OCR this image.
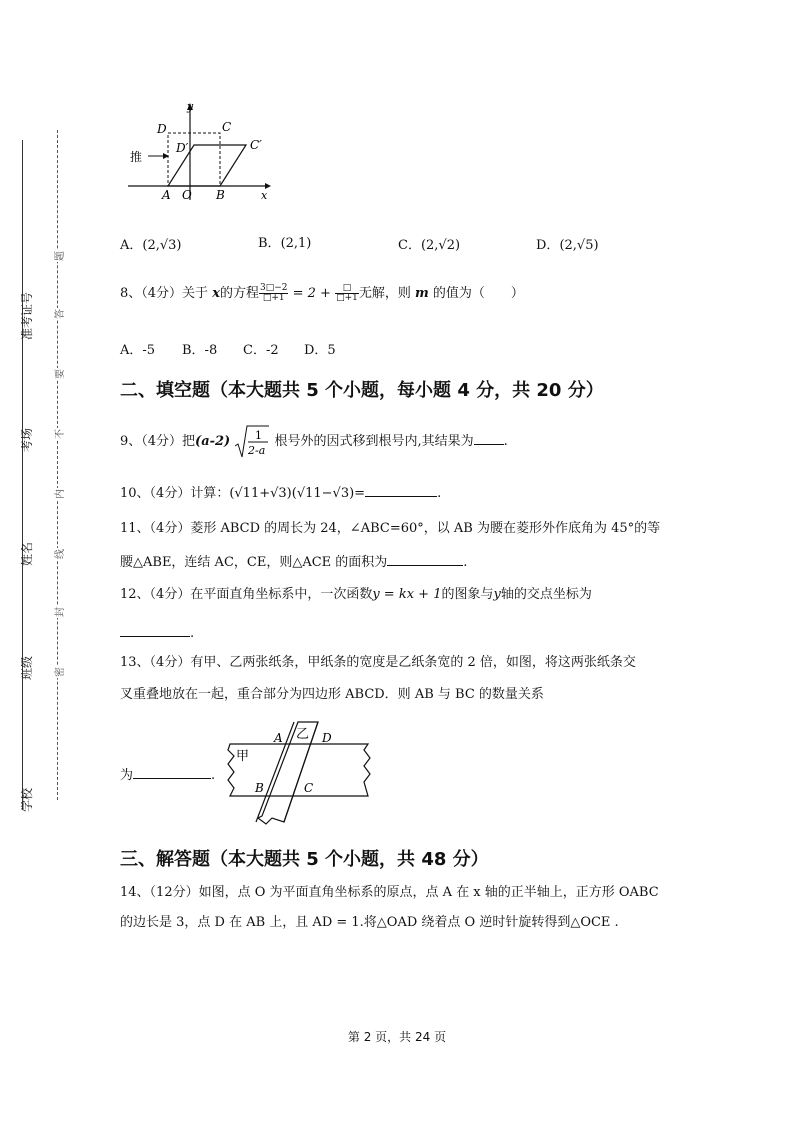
学校
班级
姓名
考场
准考证号
密
封
线
内
不
要
答
题
y
D	C
推
D′	C′
A O B	x
A．(2,√3)	B．(2,1)	C．(2,√2)	D．(2,√5)
8、（4分）关于 x的方程 $\frac{3□-2}{□+1} = 2 + \frac{□}{□+1}$ 无解，则 m 的值为（　　）
A．-5 B．-8 C．-2 D．5
二、填空题（本大题共 5 个小题，每小题 4 分，共 20 分）
9、（4分）把(a-2) 1
2-a
根号外的因式移到根号内,其结果为 .
10、（4分）计算：(√11+√3)(√11−√3)=	.
11、（4分）菱形 ABCD 的周长为 24，∠ABC=60°，以 AB 为腰在菱形外作底角为 45°的等
腰△ABE，连结 AC，CE，则△ACE 的面积为	.
12、（4分）在平面直角坐标系中，一次函数y = kx + 1的图象与y轴的交点坐标为
.
13、（4分）有甲、乙两张纸条，甲纸条的宽度是乙纸条宽的 2 倍，如图，将这两张纸条交
叉重叠地放在一起，重合部分为四边形 ABCD．则 AB 与 BC 的数量关系
为	.
A 乙 D
甲
B	C
三、解答题（本大题共 5 个小题，共 48 分）
14、（12分）如图，点 O 为平面直角坐标系的原点，点 A 在 x 轴的正半轴上，正方形 OABC
的边长是 3，点 D 在 AB 上，且 AD = 1.将△OAD 绕着点 O 逆时针旋转得到△OCE .
第 2 页，共 24 页
